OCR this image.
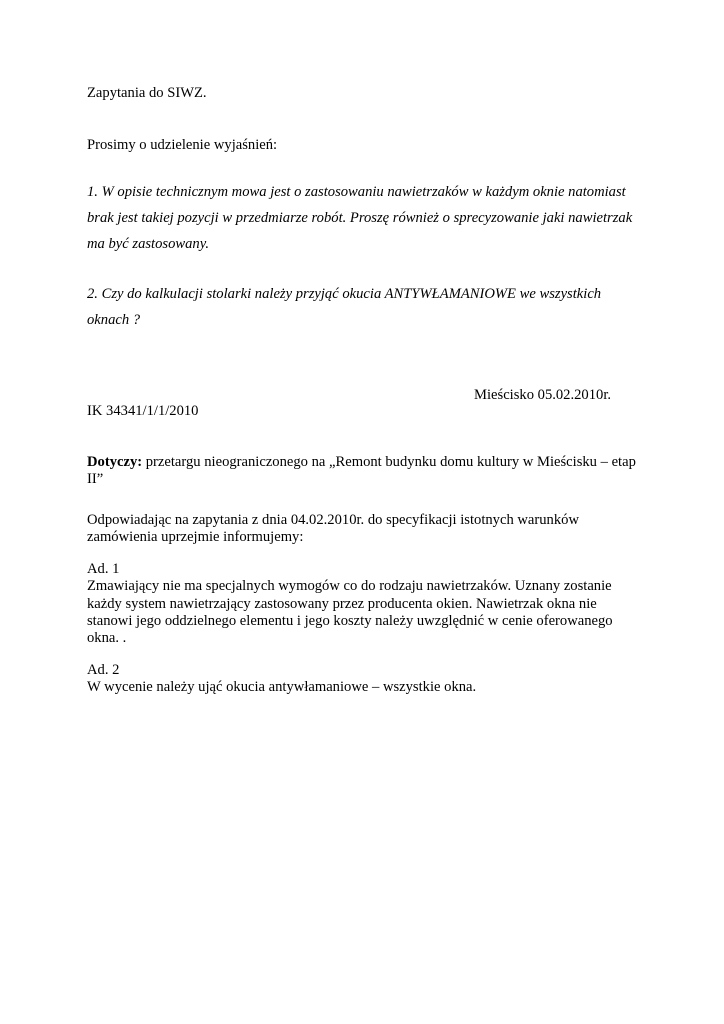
Zapytania do SIWZ.
Prosimy o udzielenie wyjaśnień:
1. W opisie technicznym mowa jest o zastosowaniu nawietrzaków w każdym oknie natomiast
brak jest takiej pozycji w przedmiarze robót. Proszę również o sprecyzowanie jaki nawietrzak
ma być zastosowany.
2. Czy do kalkulacji stolarki należy przyjąć okucia ANTYWŁAMANIOWE we wszystkich
oknach ?
Mieścisko 05.02.2010r.
IK 34341/1/1/2010
Dotyczy: przetargu nieograniczonego na „Remont budynku domu kultury w Mieścisku – etap
II”
Odpowiadając na zapytania z dnia 04.02.2010r. do specyfikacji istotnych warunków
zamówienia uprzejmie informujemy:
Ad. 1
Zmawiający nie ma specjalnych wymogów co do rodzaju nawietrzaków. Uznany zostanie
każdy system nawietrzający zastosowany przez producenta okien. Nawietrzak okna nie
stanowi jego oddzielnego elementu i jego koszty należy uwzględnić w cenie oferowanego
okna. .
Ad. 2
W wycenie należy ująć okucia antywłamaniowe – wszystkie okna.
